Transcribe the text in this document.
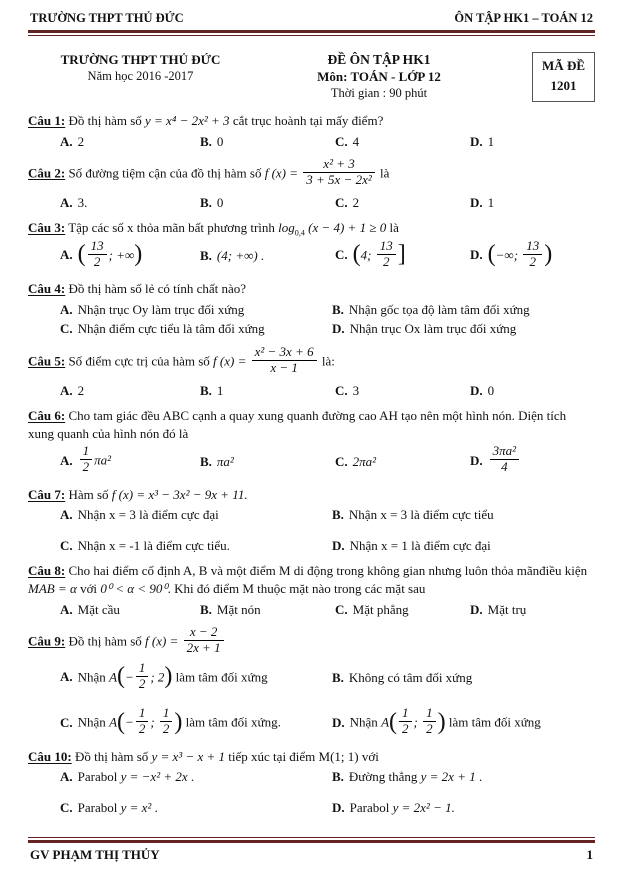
TRƯỜNG THPT THỦ ĐỨC	ÔN TẬP HK1 – TOÁN 12
TRƯỜNG THPT THỦ ĐỨC
Năm học 2016 -2017
ĐỀ ÔN TẬP HK1
Môn: TOÁN - LỚP 12
Thời gian : 90 phút
MÃ ĐỀ
1201

Câu 1: Đồ thị hàm số y = x⁴ − 2x² + 3 cắt trục hoành tại mấy điểm?

A. 2	B. 0	C. 4	D. 1

Câu 2: Số đường tiệm cận của đồ thị hàm số f $(x) = \frac{\text{x² + 3}}{\text{3 + 5x − 2x²}}$ là

A. 3.	B. 0	C. 2	D. 1

Câu 3: Tập các số x thỏa mãn bất phương trình $\log_{0,4} (x - 4) + 1 \ge 0$ là

A. ( $\frac{13}{2}$ ; +∞)	B. (4; +∞) .	C. (4; $\frac{13}{2}$ ]	D. (−∞; $\frac{13}{2}$ )

Câu 4: Đồ thị hàm số lẻ có tính chất nào?

A. Nhận trục Oy làm trục đối xứng	B. Nhận gốc tọa độ làm tâm đối xứng
C. Nhận điểm cực tiểu là tâm đối xứng	D. Nhận trục Ox làm trục đối xứng

Câu 5: Số điểm cực trị của hàm số f $(x) = \frac{\text{x² − 3x + 6}}{x - 1}$ là:

A. 2	B. 1	C. 3	D. 0

Câu 6: Cho tam giác đều ABC cạnh a quay xung quanh đường cao AH tạo nên một hình nón. Diện tích xung quanh của hình nón đó là

A. $\frac{1}{2} \pi a^2$	B. πa²	C. 2πa²	D. $\frac{\text{3πa²}}{4}$

Câu 7: Hàm số f (x) = x³ − 3x² − 9x + 11.

A. Nhận x = 3 là điểm cực đại	B. Nhận x = 3 là điểm cực tiểu
C. Nhận x = -1 là điểm cực tiểu.	D. Nhận x = 1 là điểm cực đại

Câu 8: Cho hai điểm cố định A, B và một điểm M di động trong không gian nhưng luôn thỏa mãnđiều kiện MAB = α với 0⁰ < α < 90⁰. Khi đó điểm M thuộc mặt nào trong các mặt sau

A. Mặt cầu	B. Mặt nón	C. Mặt phẳng	D. Mặt trụ

Câu 9: Đồ thị hàm số f $(x) = \frac{x - 2}{2x + 1}$

A. Nhận $A(- \frac{1}{2}$ ; 2) làm tâm đối xứng	B. Không có tâm đối xứng
C. Nhận $A(- \frac{1}{2}$ ; $\frac{1}{2}$ ) làm tâm đối xứng.	D. Nhận $A( \frac{1}{2}$ ; $\frac{1}{2}$ ) làm tâm đối xứng

Câu 10: Đồ thị hàm số y = x³ − x + 1 tiếp xúc tại điểm M(1; 1) với

A. Parabol y = −x² + 2x .	B. Đường thẳng y = 2x + 1 .
C. Parabol y = x² .	D. Parabol y = 2x² − 1.
GV PHẠM THỊ THỦY	1
